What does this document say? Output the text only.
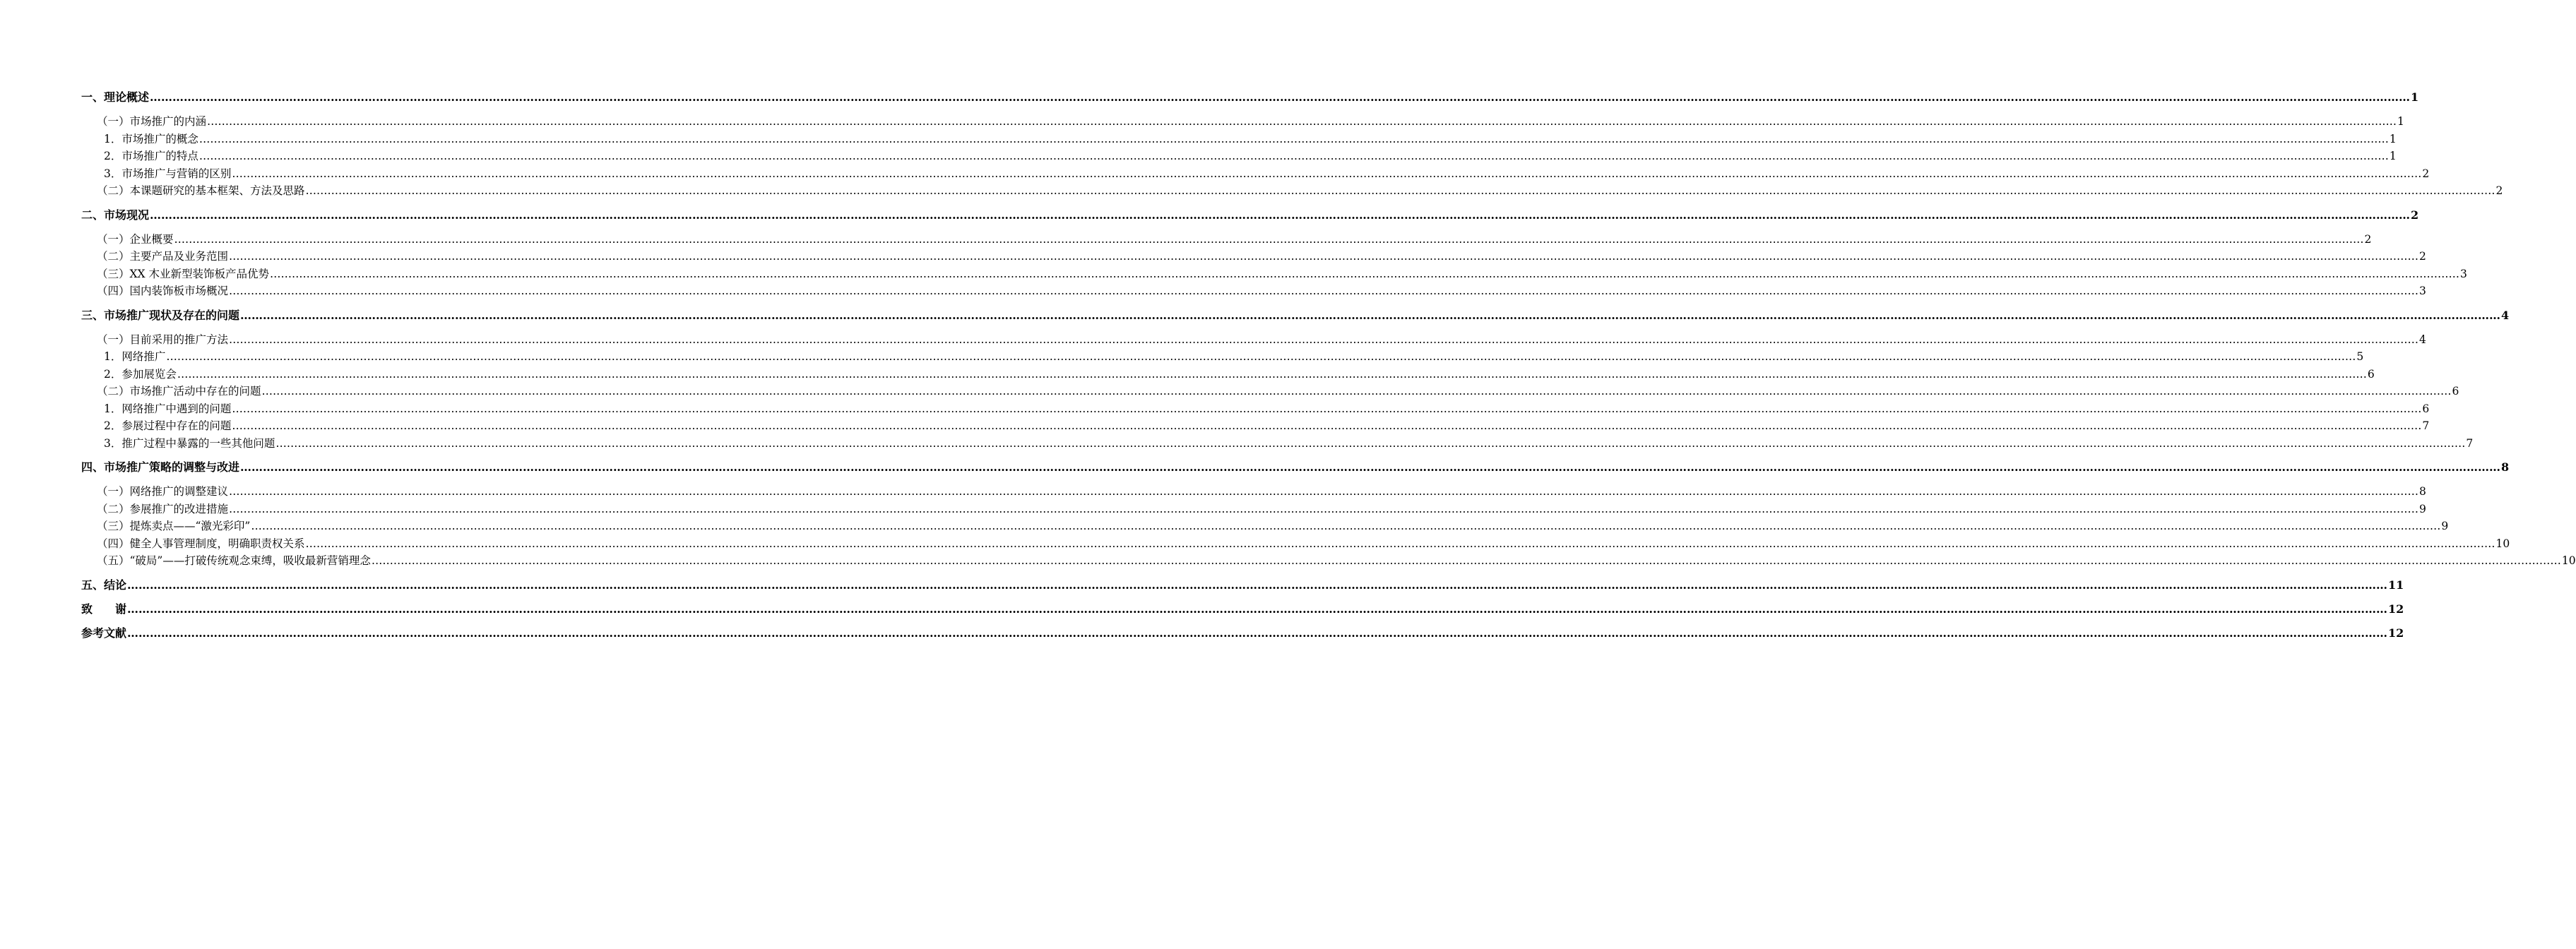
一、理论概述 …………………………………………………………………………………………………………………………………………………………………………………………………………………………………………………………………………………………………………………………………………………………………………………………………………………………………………………………………………………………………………………………………………………… 1
（一）市场推广的内涵 …………………………………………………………………………………………………………………………………………………………………………………………………………………………………………………………………………………………………………………………………………………………………………………………………………………………………………………………………………………………………………………………………………………… 1
1．市场推广的概念 …………………………………………………………………………………………………………………………………………………………………………………………………………………………………………………………………………………………………………………………………………………………………………………………………………………………………………………………………………………………………………………………………………………… 1
2．市场推广的特点 …………………………………………………………………………………………………………………………………………………………………………………………………………………………………………………………………………………………………………………………………………………………………………………………………………………………………………………………………………………………………………………………………………………… 1
3．市场推广与营销的区别 …………………………………………………………………………………………………………………………………………………………………………………………………………………………………………………………………………………………………………………………………………………………………………………………………………………………………………………………………………………………………………………………………………………… 2
（二）本课题研究的基本框架、方法及思路 …………………………………………………………………………………………………………………………………………………………………………………………………………………………………………………………………………………………………………………………………………………………………………………………………………………………………………………………………………………………………………………………………………………… 2
二、市场现况 …………………………………………………………………………………………………………………………………………………………………………………………………………………………………………………………………………………………………………………………………………………………………………………………………………………………………………………………………………………………………………………………………………………… 2
（一）企业概要 …………………………………………………………………………………………………………………………………………………………………………………………………………………………………………………………………………………………………………………………………………………………………………………………………………………………………………………………………………………………………………………………………………………… 2
（二）主要产品及业务范围 …………………………………………………………………………………………………………………………………………………………………………………………………………………………………………………………………………………………………………………………………………………………………………………………………………………………………………………………………………………………………………………………………………………… 2
（三）XX 木业新型装饰板产品优势 …………………………………………………………………………………………………………………………………………………………………………………………………………………………………………………………………………………………………………………………………………………………………………………………………………………………………………………………………………………………………………………………………………………… 3
（四）国内装饰板市场概况 …………………………………………………………………………………………………………………………………………………………………………………………………………………………………………………………………………………………………………………………………………………………………………………………………………………………………………………………………………………………………………………………………………………… 3
三、市场推广现状及存在的问题 …………………………………………………………………………………………………………………………………………………………………………………………………………………………………………………………………………………………………………………………………………………………………………………………………………………………………………………………………………………………………………………………………………………… 4
（一）目前采用的推广方法 …………………………………………………………………………………………………………………………………………………………………………………………………………………………………………………………………………………………………………………………………………………………………………………………………………………………………………………………………………………………………………………………………………………… 4
1．网络推广 …………………………………………………………………………………………………………………………………………………………………………………………………………………………………………………………………………………………………………………………………………………………………………………………………………………………………………………………………………………………………………………………………………………… 5
2．参加展览会 …………………………………………………………………………………………………………………………………………………………………………………………………………………………………………………………………………………………………………………………………………………………………………………………………………………………………………………………………………………………………………………………………………………… 6
（二）市场推广活动中存在的问题 …………………………………………………………………………………………………………………………………………………………………………………………………………………………………………………………………………………………………………………………………………………………………………………………………………………………………………………………………………………………………………………………………………………… 6
1．网络推广中遇到的问题 …………………………………………………………………………………………………………………………………………………………………………………………………………………………………………………………………………………………………………………………………………………………………………………………………………………………………………………………………………………………………………………………………………………… 6
2．参展过程中存在的问题 …………………………………………………………………………………………………………………………………………………………………………………………………………………………………………………………………………………………………………………………………………………………………………………………………………………………………………………………………………………………………………………………………………………… 7
3．推广过程中暴露的一些其他问题 …………………………………………………………………………………………………………………………………………………………………………………………………………………………………………………………………………………………………………………………………………………………………………………………………………………………………………………………………………………………………………………………………………………… 7
四、市场推广策略的调整与改进 …………………………………………………………………………………………………………………………………………………………………………………………………………………………………………………………………………………………………………………………………………………………………………………………………………………………………………………………………………………………………………………………………………………… 8
（一）网络推广的调整建议 …………………………………………………………………………………………………………………………………………………………………………………………………………………………………………………………………………………………………………………………………………………………………………………………………………………………………………………………………………………………………………………………………………………… 8
（二）参展推广的改进措施 …………………………………………………………………………………………………………………………………………………………………………………………………………………………………………………………………………………………………………………………………………………………………………………………………………………………………………………………………………………………………………………………………………………… 9
（三）提炼卖点——“激光彩印” …………………………………………………………………………………………………………………………………………………………………………………………………………………………………………………………………………………………………………………………………………………………………………………………………………………………………………………………………………………………………………………………………………………… 9
（四）健全人事管理制度，明确职责权关系 …………………………………………………………………………………………………………………………………………………………………………………………………………………………………………………………………………………………………………………………………………………………………………………………………………………………………………………………………………………………………………………………………………………… 10
（五）“破局”——打破传统观念束缚，吸收最新营销理念 …………………………………………………………………………………………………………………………………………………………………………………………………………………………………………………………………………………………………………………………………………………………………………………………………………………………………………………………………………………………………………………………………………………… 10
五、结论 …………………………………………………………………………………………………………………………………………………………………………………………………………………………………………………………………………………………………………………………………………………………………………………………………………………………………………………………………………………………………………………………………………………… 11
致　　谢 …………………………………………………………………………………………………………………………………………………………………………………………………………………………………………………………………………………………………………………………………………………………………………………………………………………………………………………………………………………………………………………………………………………… 12
参考文献 …………………………………………………………………………………………………………………………………………………………………………………………………………………………………………………………………………………………………………………………………………………………………………………………………………………………………………………………………………………………………………………………………………………… 12
